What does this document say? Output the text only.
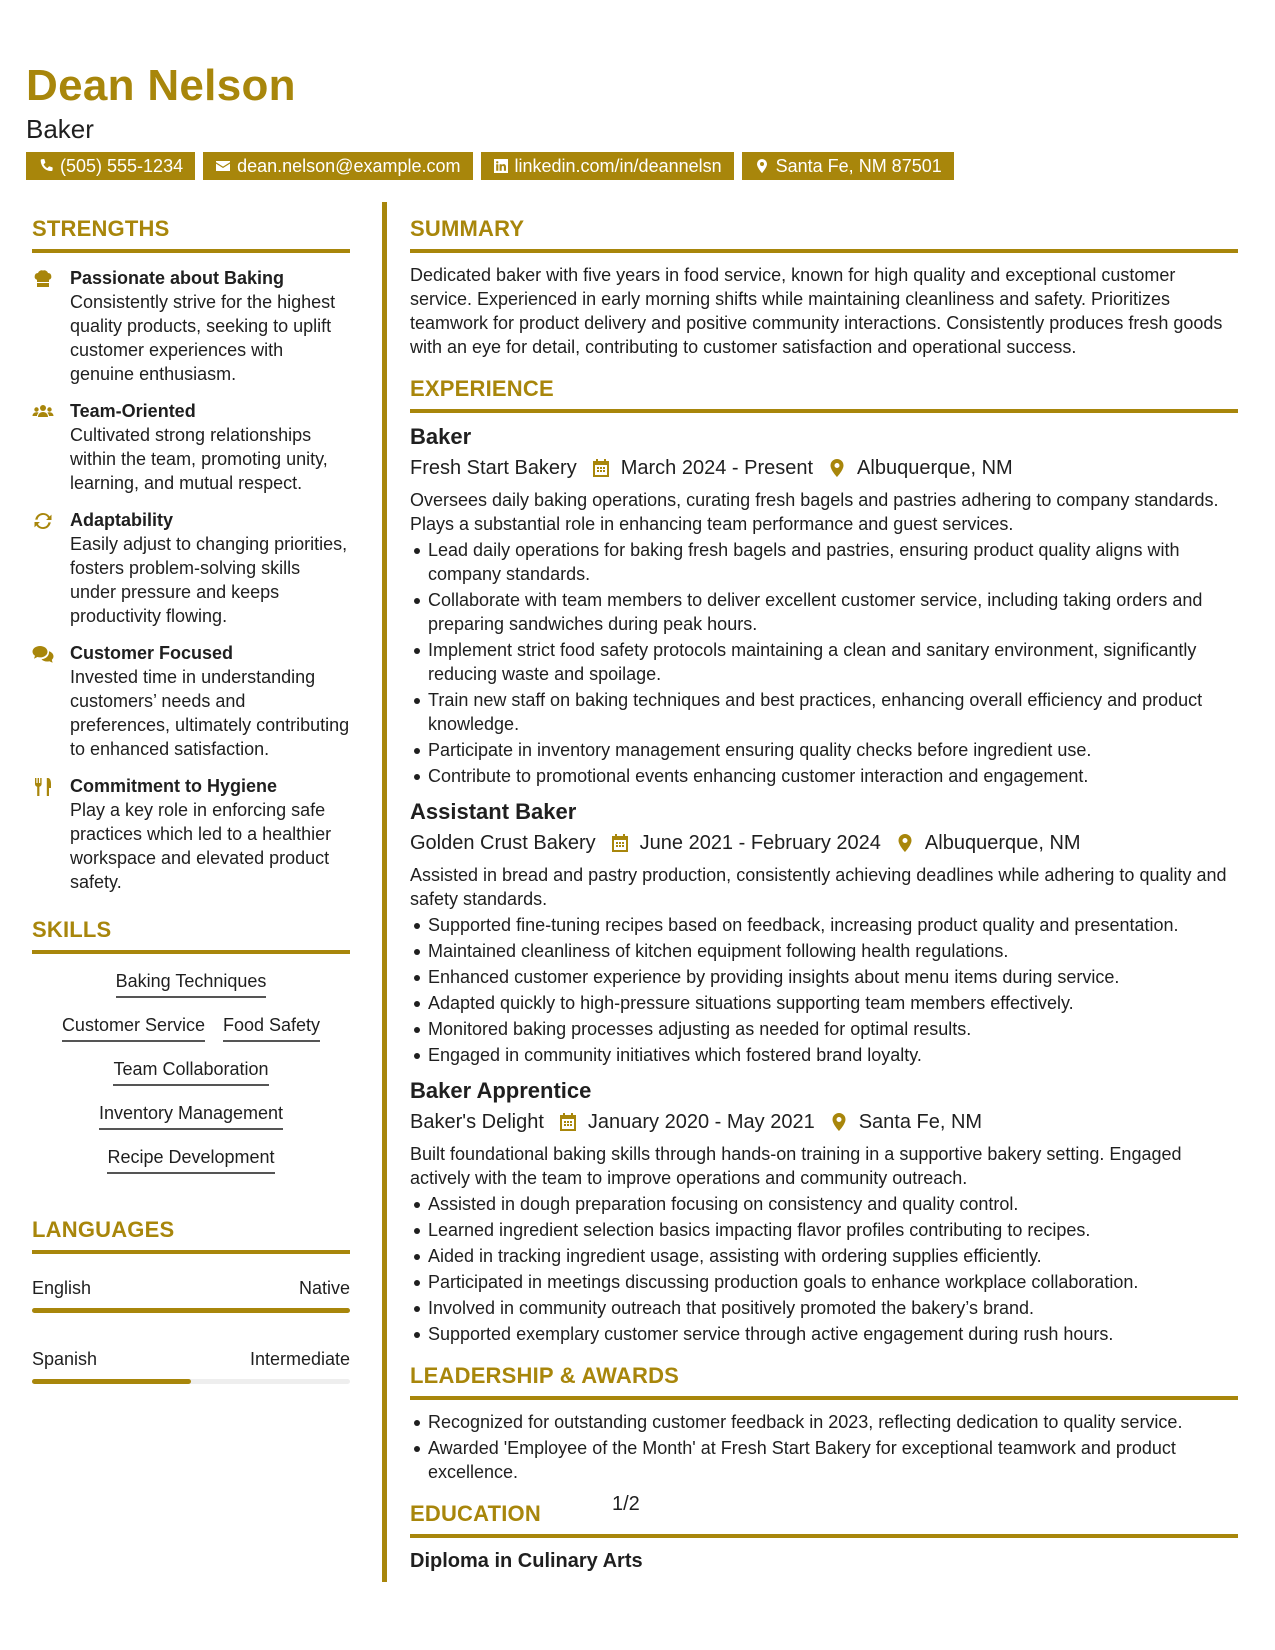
Dean Nelson
Baker
(505) 555-1234	dean.nelson@example.com	linkedin.com/in/deannelsn	Santa Fe, NM 87501
STRENGTHS
Passionate about Baking
Consistently strive for the highest quality products, seeking to uplift customer experiences with genuine enthusiasm.
Team-Oriented
Cultivated strong relationships within the team, promoting unity, learning, and mutual respect.
Adaptability
Easily adjust to changing priorities, fosters problem-solving skills under pressure and keeps productivity flowing.
Customer Focused
Invested time in understanding customers’ needs and preferences, ultimately contributing to enhanced satisfaction.
Commitment to Hygiene
Play a key role in enforcing safe practices which led to a healthier workspace and elevated product safety.
SKILLS
Baking Techniques
Customer Service Food Safety
Team Collaboration
Inventory Management
Recipe Development
LANGUAGES
English	Native
Spanish	Intermediate
SUMMARY
Dedicated baker with five years in food service, known for high quality and exceptional customer service. Experienced in early morning shifts while maintaining cleanliness and safety. Prioritizes teamwork for product delivery and positive community interactions. Consistently produces fresh goods with an eye for detail, contributing to customer satisfaction and operational success.
EXPERIENCE
Baker
Fresh Start Bakery March 2024 - Present Albuquerque, NM
Oversees daily baking operations, curating fresh bagels and pastries adhering to company standards. Plays a substantial role in enhancing team performance and guest services.
Lead daily operations for baking fresh bagels and pastries, ensuring product quality aligns with company standards.
Collaborate with team members to deliver excellent customer service, including taking orders and preparing sandwiches during peak hours.
Implement strict food safety protocols maintaining a clean and sanitary environment, significantly reducing waste and spoilage.
Train new staff on baking techniques and best practices, enhancing overall efficiency and product knowledge.
Participate in inventory management ensuring quality checks before ingredient use.
Contribute to promotional events enhancing customer interaction and engagement.
Assistant Baker
Golden Crust Bakery June 2021 - February 2024 Albuquerque, NM
Assisted in bread and pastry production, consistently achieving deadlines while adhering to quality and safety standards.
Supported fine-tuning recipes based on feedback, increasing product quality and presentation.
Maintained cleanliness of kitchen equipment following health regulations.
Enhanced customer experience by providing insights about menu items during service.
Adapted quickly to high-pressure situations supporting team members effectively.
Monitored baking processes adjusting as needed for optimal results.
Engaged in community initiatives which fostered brand loyalty.
Baker Apprentice
Baker's Delight January 2020 - May 2021 Santa Fe, NM
Built foundational baking skills through hands-on training in a supportive bakery setting. Engaged actively with the team to improve operations and community outreach.
Assisted in dough preparation focusing on consistency and quality control.
Learned ingredient selection basics impacting flavor profiles contributing to recipes.
Aided in tracking ingredient usage, assisting with ordering supplies efficiently.
Participated in meetings discussing production goals to enhance workplace collaboration.
Involved in community outreach that positively promoted the bakery’s brand.
Supported exemplary customer service through active engagement during rush hours.
LEADERSHIP & AWARDS
Recognized for outstanding customer feedback in 2023, reflecting dedication to quality service.
Awarded 'Employee of the Month' at Fresh Start Bakery for exceptional teamwork and product excellence.
EDUCATION
Diploma in Culinary Arts
1/2
